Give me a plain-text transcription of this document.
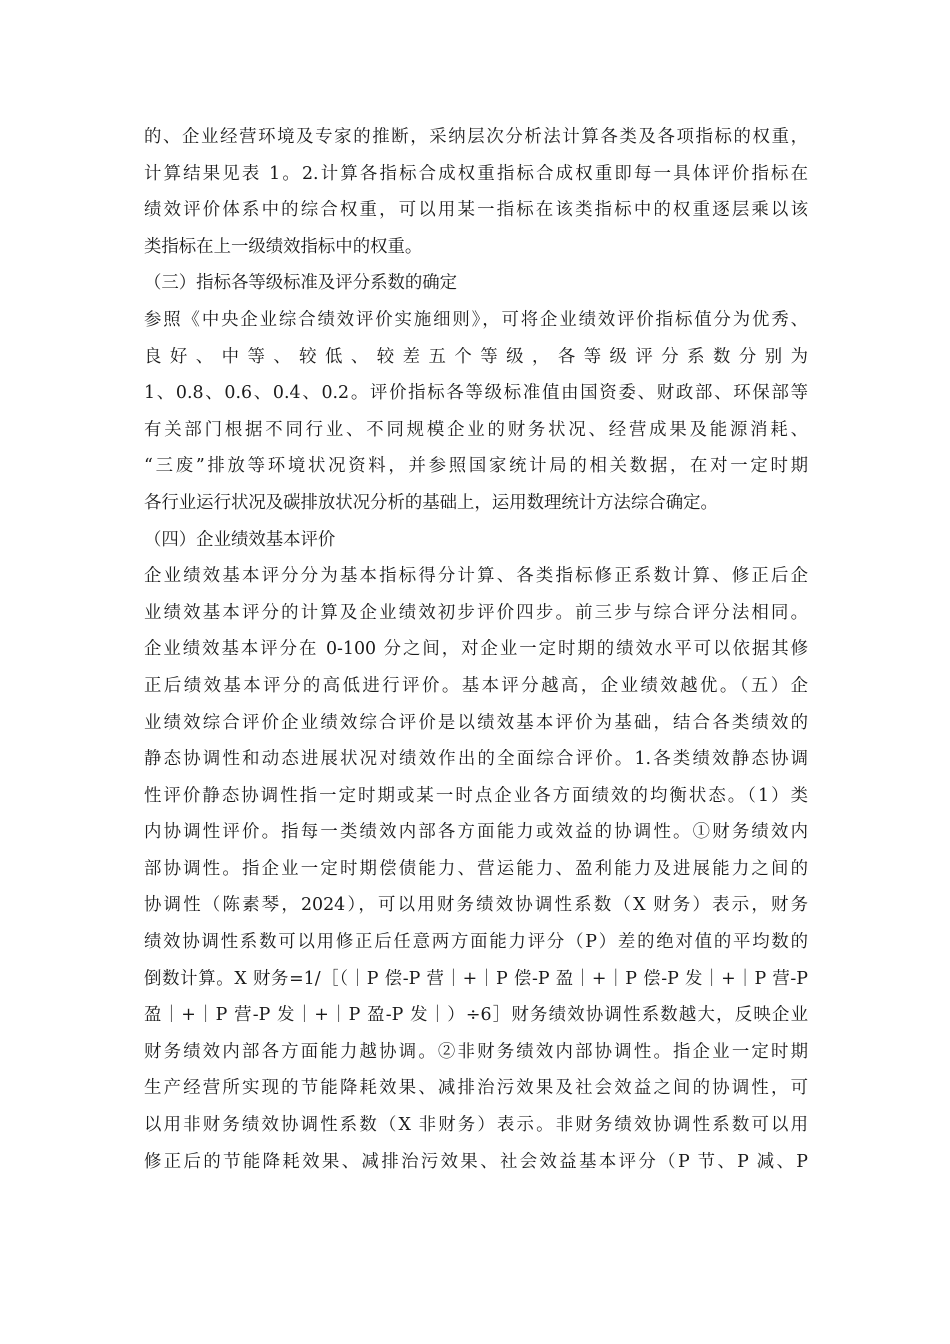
的、企业经营环境及专家的推断，采纳层次分析法计算各类及各项指标的权重，
计算结果见表 1。2.计算各指标合成权重指标合成权重即每一具体评价指标在
绩效评价体系中的综合权重，可以用某一指标在该类指标中的权重逐层乘以该
类指标在上一级绩效指标中的权重。
（三）指标各等级标准及评分系数的确定
参照《中央企业综合绩效评价实施细则》，可将企业绩效评价指标值分为优秀、
良 好 、 中 等 、 较 低 、 较 差 五 个 等 级 ， 各 等 级 评 分 系 数 分 别 为
1、0.8、0.6、0.4、0.2。评价指标各等级标准值由国资委、财政部、环保部等
有关部门根据不同行业、不同规模企业的财务状况、经营成果及能源消耗、
“三废”排放等环境状况资料，并参照国家统计局的相关数据，在对一定时期
各行业运行状况及碳排放状况分析的基础上，运用数理统计方法综合确定。
（四）企业绩效基本评价
企业绩效基本评分分为基本指标得分计算、各类指标修正系数计算、修正后企
业绩效基本评分的计算及企业绩效初步评价四步。前三步与综合评分法相同。
企业绩效基本评分在 0-100 分之间，对企业一定时期的绩效水平可以依据其修
正后绩效基本评分的高低进行评价。基本评分越高，企业绩效越优。（五）企
业绩效综合评价企业绩效综合评价是以绩效基本评价为基础，结合各类绩效的
静态协调性和动态进展状况对绩效作出的全面综合评价。1.各类绩效静态协调
性评价静态协调性指一定时期或某一时点企业各方面绩效的均衡状态。（1）类
内协调性评价。指每一类绩效内部各方面能力或效益的协调性。①财务绩效内
部协调性。指企业一定时期偿债能力、营运能力、盈利能力及进展能力之间的
协调性（陈素琴，2024），可以用财务绩效协调性系数（X 财务）表示，财务
绩效协调性系数可以用修正后任意两方面能力评分（P）差的绝对值的平均数的
倒数计算。X 财务=1/［（｜P 偿-P 营｜+｜P 偿-P 盈｜+｜P 偿-P 发｜+｜P 营-P
盈｜+｜P 营-P 发｜+｜P 盈-P 发｜）÷6］财务绩效协调性系数越大，反映企业
财务绩效内部各方面能力越协调。②非财务绩效内部协调性。指企业一定时期
生产经营所实现的节能降耗效果、减排治污效果及社会效益之间的协调性，可
以用非财务绩效协调性系数（X 非财务）表示。非财务绩效协调性系数可以用
修正后的节能降耗效果、减排治污效果、社会效益基本评分（P 节、P 减、P
